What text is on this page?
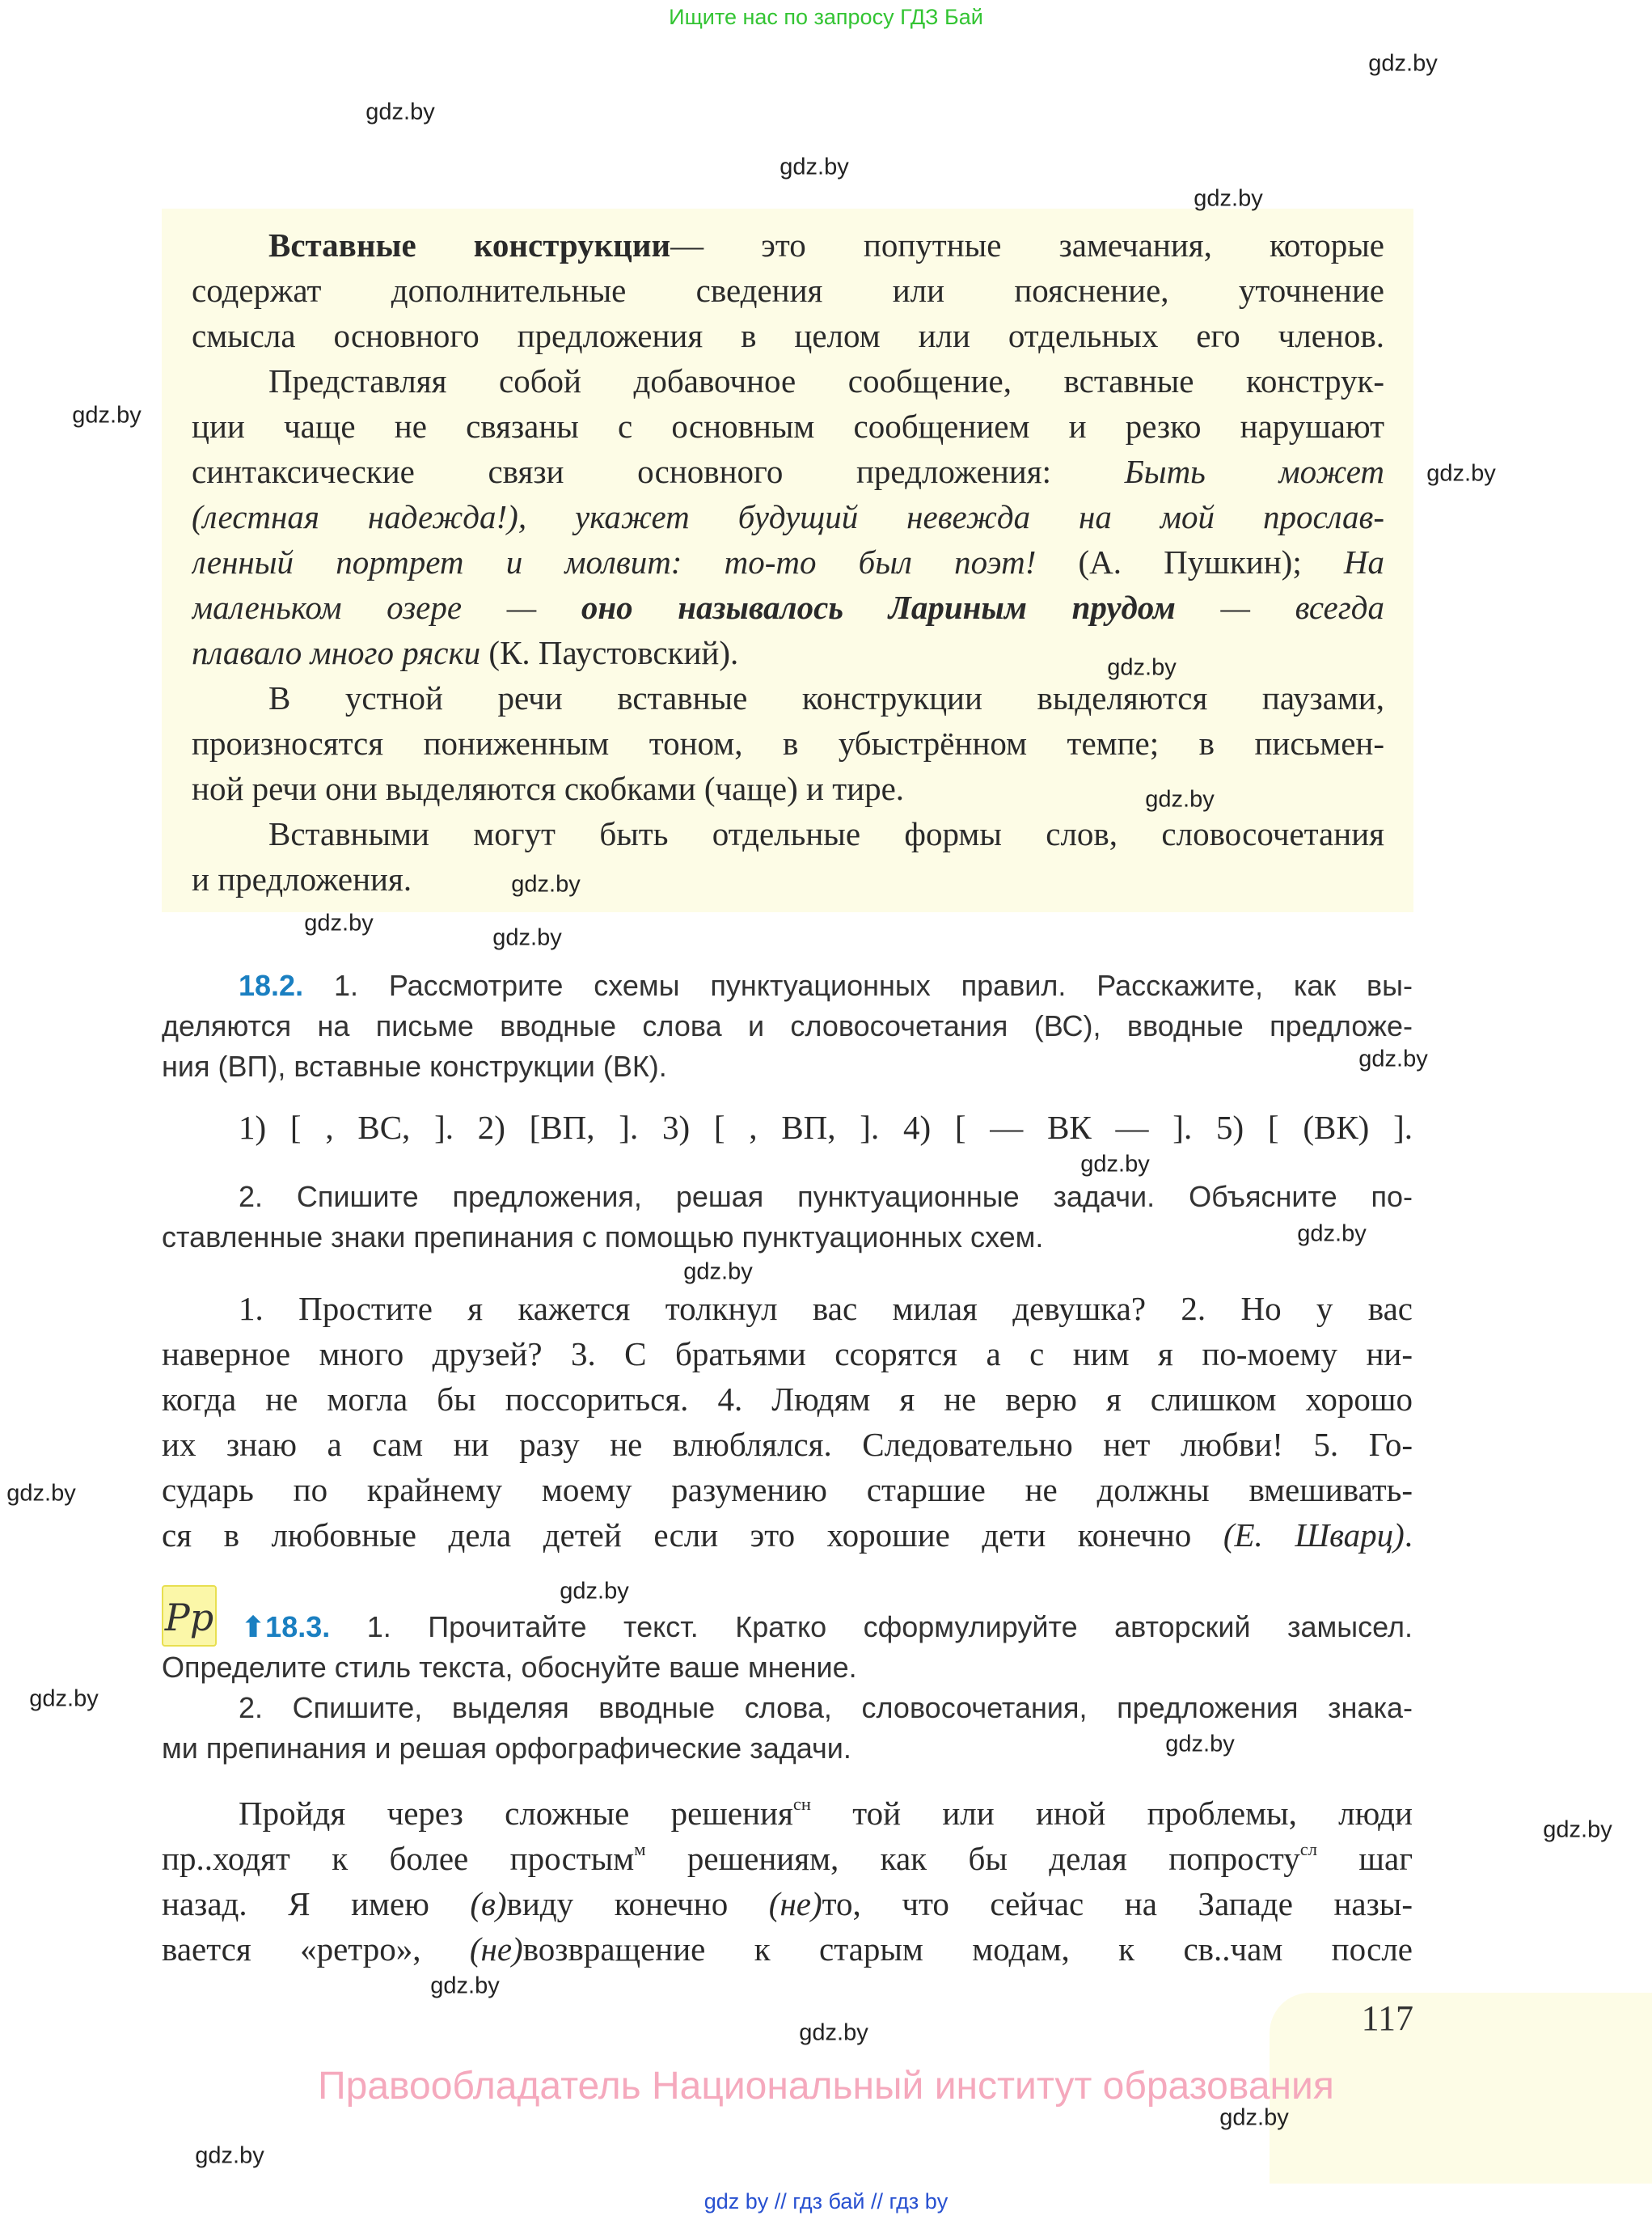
Ищите нас по запросу ГДЗ Бай
Вставные конструкции— это попутные замечания, которые
содержат дополнительные сведения или пояснение, уточнение
смысла основного предложения в целом или отдельных его членов.
Представляя собой добавочное сообщение, вставные конструк-
ции чаще не связаны с основным сообщением и резко нарушают
синтаксические связи основного предложения: Быть может
(лестная надежда!), укажет будущий невежда на мой прослав-
ленный портрет и молвит: то-то был поэт! (А. Пушкин); На
маленьком озере — оно называлось Лариным прудом — всегда
плавало много ряски (К. Паустовский).
В устной речи вставные конструкции выделяются паузами,
произносятся пониженным тоном, в убыстрённом темпе; в письмен-
ной речи они выделяются скобками (чаще) и тире.
Вставными могут быть отдельные формы слов, словосочетания
и предложения.
18.2. 1. Рассмотрите схемы пунктуационных правил. Расскажите, как вы-
деляются на письме вводные слова и словосочетания (ВС), вводные предложе-
ния (ВП), вставные конструкции (ВК).
1) [ , ВС, ]. 2) [ВП, ]. 3) [ , ВП, ]. 4) [ — ВК — ]. 5) [ (ВК) ].
2. Спишите предложения, решая пунктуационные задачи. Объясните по-
ставленные знаки препинания с помощью пунктуационных схем.
1. Простите я кажется толкнул вас милая девушка? 2. Но у вас
наверное много друзей? 3. С братьями ссорятся а с ним я по-моему ни-
когда не могла бы поссориться. 4. Людям я не верю я слишком хорошо
их знаю а сам ни разу не влюблялся. Следовательно нет любви! 5. Го-
сударь по крайнему моему разумению старшие не должны вмешивать-
ся в любовные дела детей если это хорошие дети конечно (Е. Шварц).
Pp ⬆18.3. 1. Прочитайте текст. Кратко сформулируйте авторский замысел.
Определите стиль текста, обоснуйте ваше мнение.
2. Спишите, выделяя вводные слова, словосочетания, предложения знака-
ми препинания и решая орфографические задачи.
Пройдя через сложные решения$^{сн}$ той или иной проблемы, люди
пр..ходят к более простым$^м$ решениям, как бы делая попросту$^{сл}$ шаг
назад. Я имею (в)виду конечно (не)то, что сейчас на Западе назы-
вается «ретро», (не)возвращение к старым модам, к св..чам после
117
Правообладатель Национальный институт образования
gdz by // гдз бай // гдз by
gdz.by
gdz.by
gdz.by
gdz.by
gdz.by
gdz.by
gdz.by
gdz.by
gdz.by
gdz.by
gdz.by
gdz.by
gdz.by
gdz.by
gdz.by
gdz.by
gdz.by
gdz.by
gdz.by
gdz.by
gdz.by
gdz.by
gdz.by
gdz.by
